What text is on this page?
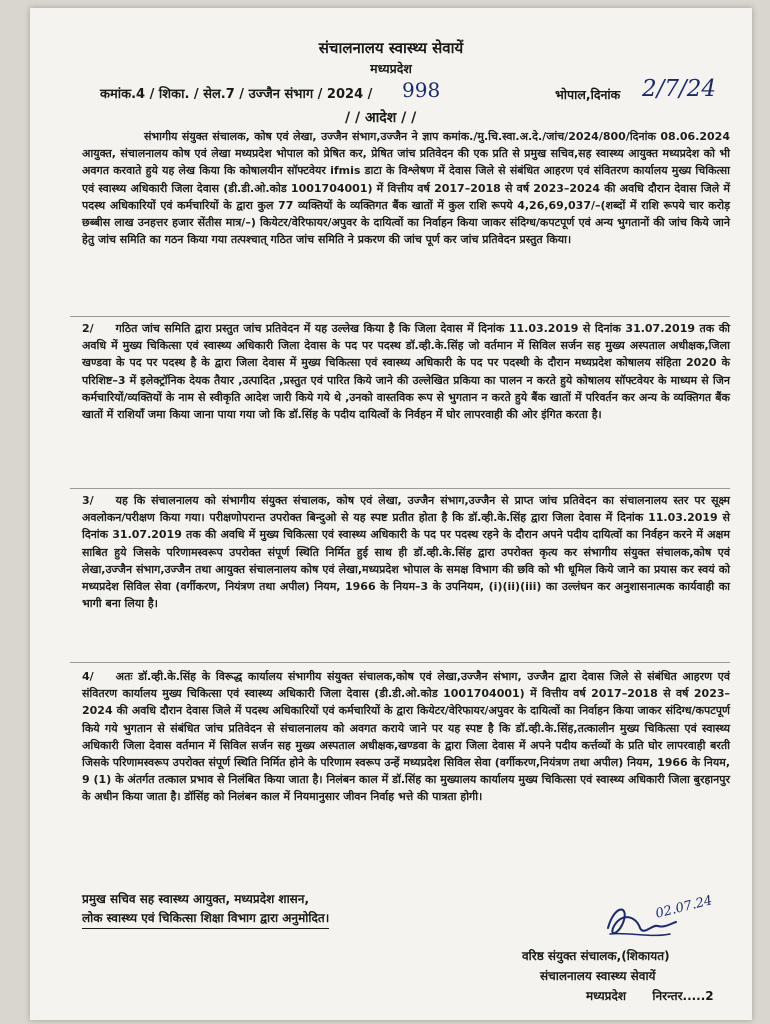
संचालनालय स्वास्थ्य सेवायें
मध्यप्रदेश
कमांक.4 / शिका. / सेल.7 / उज्जैन संभाग / 2024 / 998	भोपाल,दिनांक 2/7/24
/ / आदेश / /
संभागीय संयुक्त संचालक, कोष एवं लेखा, उज्जैन संभाग,उज्जैन ने ज्ञाप कमांक./मु.चि.स्वा.अ.दे./जांच/2024/800/दिनांक 08.06.2024 आयुक्त, संचालनालय कोष एवं लेखा मध्यप्रदेश भोपाल को प्रेषित कर, प्रेषित जांच प्रतिवेदन की एक प्रति से प्रमुख सचिव,सह स्वास्थ्य आयुक्त मध्यप्रदेश को भी अवगत करवाते हुये यह लेख किया कि कोषालयीन सॉफ्टवेयर ifmis डाटा के विश्लेषण में देवास जिले से संबंधित आहरण एवं संवितरण कार्यालय मुख्य चिकित्सा एवं स्वास्थ्य अधिकारी जिला देवास (डी.डी.ओ.कोड 1001704001) में वित्तीय वर्ष 2017–2018 से वर्ष 2023–2024 की अवधि दौरान देवास जिले में पदस्थ अधिकारियों एवं कर्मचारियों के द्वारा कुल 77 व्यक्तियों के व्यक्तिगत बैंक खातों में कुल राशि रूपये 4,26,69,037/–(शब्दों में राशि रूपये चार करोड़ छब्बीस लाख उनहत्तर हजार सेंतीस मात्र/–) कियेटर/वेरिफायर/अपुवर के दायित्वों का निर्वाहन किया जाकर संदिग्ध/कपटपूर्ण एवं अन्य भुगतानों की जांच किये जाने हेतु जांच समिति का गठन किया गया तत्पश्चात् गठित जांच समिति ने प्रकरण की जांच पूर्ण कर जांच प्रतिवेदन प्रस्तुत किया।
2/ गठित जांच समिति द्वारा प्रस्तुत जांच प्रतिवेदन में यह उल्लेख किया है कि जिला देवास में दिनांक 11.03.2019 से दिनांक 31.07.2019 तक की अवधि में मुख्य चिकित्सा एवं स्वास्थ्य अधिकारी जिला देवास के पद पर पदस्थ डॉ.व्ही.के.सिंह जो वर्तमान में सिविल सर्जन सह मुख्य अस्पताल अधीक्षक,जिला खण्डवा के पद पर पदस्थ है के द्वारा जिला देवास में मुख्य चिकित्सा एवं स्वास्थ्य अधिकारी के पद पर पदस्थी के दौरान मध्यप्रदेश कोषालय संहिता 2020 के परिशिष्ट–3 में इलेक्ट्रॉनिक देयक तैयार ,उत्पादित ,प्रस्तुत एवं पारित किये जाने की उल्लेखित प्रकिया का पालन न करते हुये कोषालय सॉफ्टवेयर के माध्यम से जिन कर्मचारियों/व्यक्तियों के नाम से स्वीकृति आदेश जारी किये गये थे ,उनको वास्तविक रूप से भुगतान न करते हुये बैंक खातों में परिवर्तन कर अन्य के व्यक्तिगत बैंक खातों में राशियाँ जमा किया जाना पाया गया जो कि डॉ.सिंह के पदीय दायित्वों के निर्वहन में घोर लापरवाही की ओर इंगित करता है।
3/ यह कि संचालनालय को संभागीय संयुक्त संचालक, कोष एवं लेखा, उज्जैन संभाग,उज्जैन से प्राप्त जांच प्रतिवेदन का संचालनालय स्तर पर सूक्ष्म अवलोकन/परीक्षण किया गया। परीक्षणोपरान्त उपरोक्त बिन्दुओ से यह स्पष्ट प्रतीत होता है कि डॉ.व्ही.के.सिंह द्वारा जिला देवास में दिनांक 11.03.2019 से दिनांक 31.07.2019 तक की अवधि में मुख्य चिकित्सा एवं स्वास्थ्य अधिकारी के पद पर पदस्थ रहने के दौरान अपने पदीय दायित्वों का निर्वहन करने में अक्षम साबित हुये जिसके परिणामस्वरूप उपरोक्त संपूर्ण स्थिति निर्मित हुई साथ ही डॉ.व्ही.के.सिंह द्वारा उपरोक्त कृत्य कर संभागीय संयुक्त संचालक,कोष एवं लेखा,उज्जैन संभाग,उज्जैन तथा आयुक्त संचालनालय कोष एवं लेखा,मध्यप्रदेश भोपाल के समक्ष विभाग की छवि को भी धूमिल किये जाने का प्रयास कर स्वयं को मध्यप्रदेश सिविल सेवा (वर्गीकरण, नियंत्रण तथा अपील) नियम, 1966 के नियम–3 के उपनियम, (i)(ii)(iii) का उल्लंघन कर अनुशासनात्मक कार्यवाही का भागी बना लिया है।
4/ अतः डॉ.व्ही.के.सिंह के विरूद्ध कार्यालय संभागीय संयुक्त संचालक,कोष एवं लेखा,उज्जैन संभाग, उज्जैन द्वारा देवास जिले से संबंधित आहरण एवं संवितरण कार्यालय मुख्य चिकित्सा एवं स्वास्थ्य अधिकारी जिला देवास (डी.डी.ओ.कोड 1001704001) में वित्तीय वर्ष 2017–2018 से वर्ष 2023–2024 की अवधि दौरान देवास जिले में पदस्थ अधिकारियों एवं कर्मचारियों के द्वारा कियेटर/वेरिफायर/अपुवर के दायित्वों का निर्वाहन किया जाकर संदिग्ध/कपटपूर्ण किये गये भुगतान से संबंधित जांच प्रतिवेदन से संचालनालय को अवगत कराये जाने पर यह स्पष्ट है कि डॉ.व्ही.के.सिंह,तत्कालीन मुख्य चिकित्सा एवं स्वास्थ्य अधिकारी जिला देवास वर्तमान में सिविल सर्जन सह मुख्य अस्पताल अधीक्षक,खण्डवा के द्वारा जिला देवास में अपने पदीय कर्त्तव्यों के प्रति घोर लापरवाही बरती जिसके परिणामस्वरूप उपरोक्त संपूर्ण स्थिति निर्मित होने के परिणाम स्वरूप उन्हें मध्यप्रदेश सिविल सेवा (वर्गीकरण,नियंत्रण तथा अपील) नियम, 1966 के नियम, 9 (1) के अंतर्गत तत्काल प्रभाव से निलंबित किया जाता है। निलंबन काल में डॉ.सिंह का मुख्यालय कार्यालय मुख्य चिकित्सा एवं स्वास्थ्य अधिकारी जिला बुरहानपुर के अधीन किया जाता है। डॉसिंह को निलंबन काल में नियमानुसार जीवन निर्वाह भत्ते की पात्रता होगी।
प्रमुख सचिव सह स्वास्थ्य आयुक्त, मध्यप्रदेश शासन,
लोक स्वास्थ्य एवं चिकित्सा शिक्षा विभाग द्वारा अनुमोदित।	02.07.24
वरिष्ठ संयुक्त संचालक,(शिकायत)
संचालनालय स्वास्थ्य सेवायें
मध्यप्रदेश निरन्तर.....2
